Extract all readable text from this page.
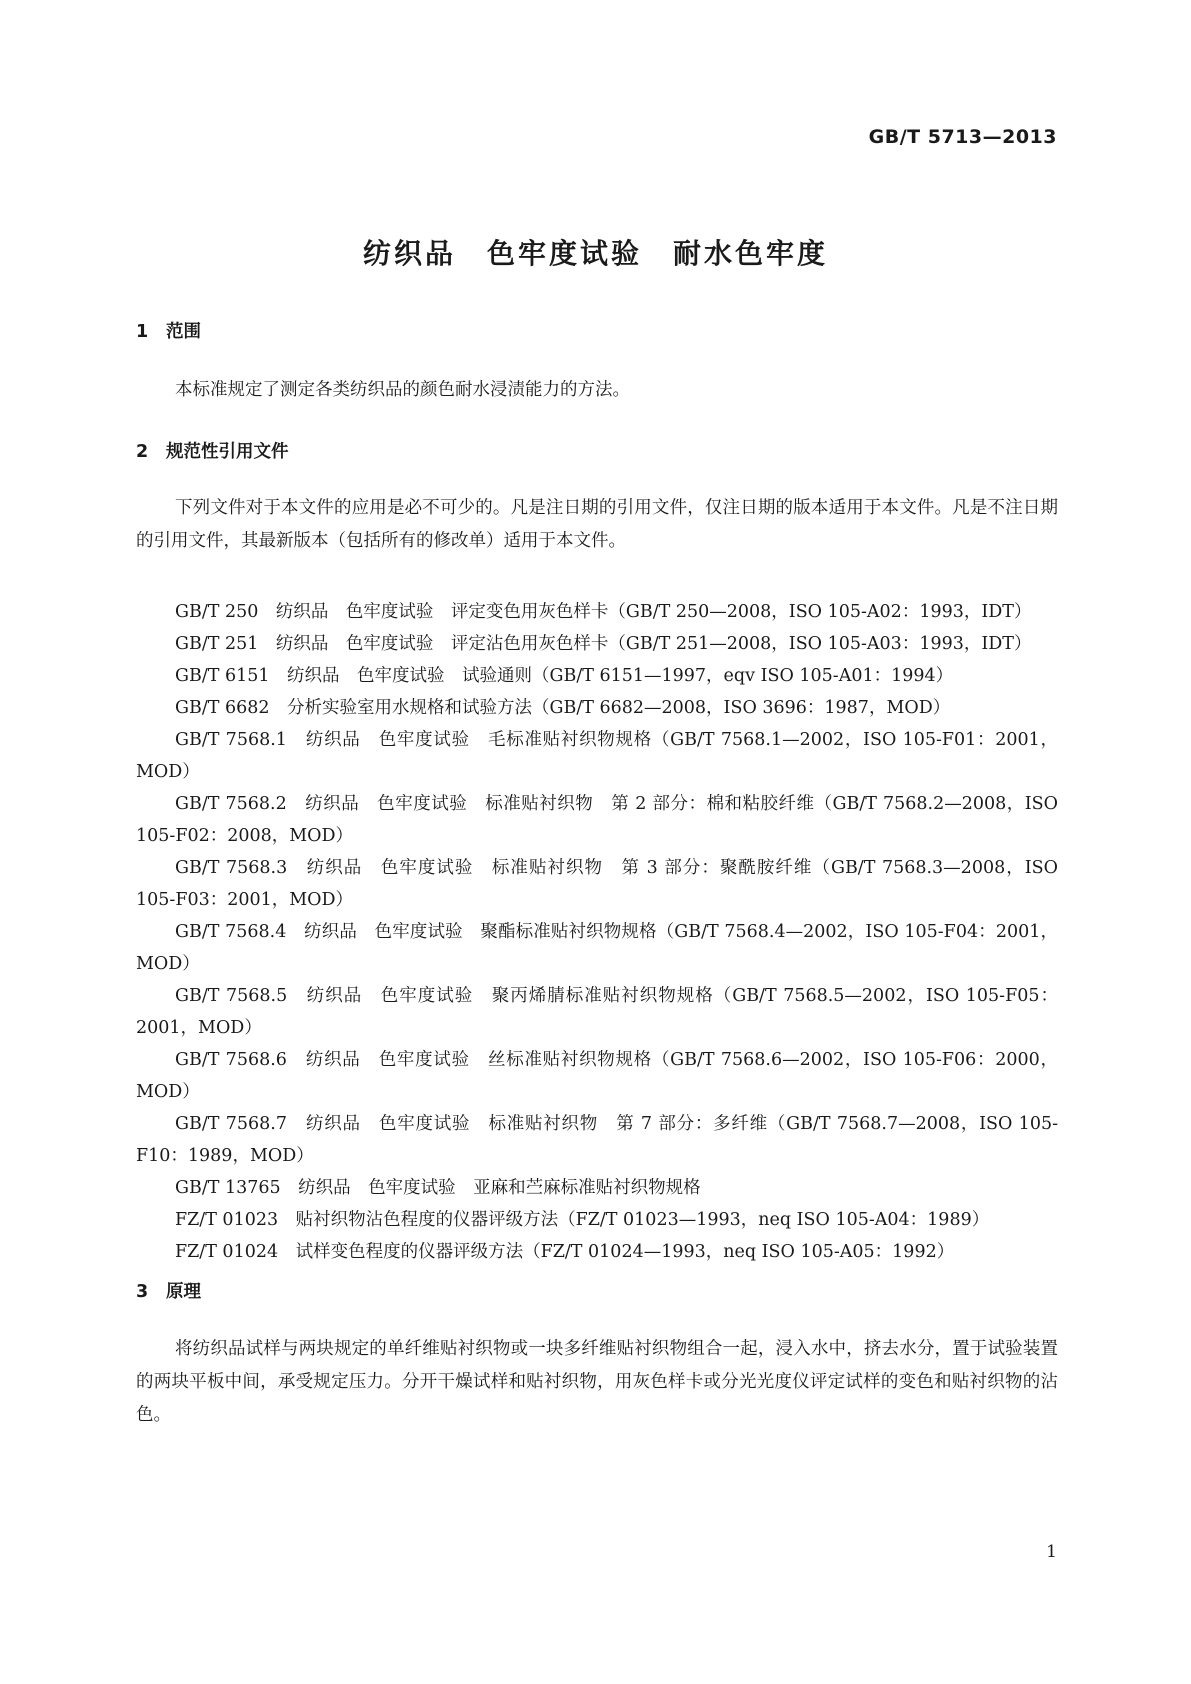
GB/T 5713—2013
纺织品　色牢度试验　耐水色牢度
1 范围
本标准规定了测定各类纺织品的颜色耐水浸渍能力的方法。
2 规范性引用文件
下列文件对于本文件的应用是必不可少的。凡是注日期的引用文件，仅注日期的版本适用于本文件。凡是不注日期的引用文件，其最新版本（包括所有的修改单）适用于本文件。
GB/T 250　 纺织品　色牢度试验　评定变色用灰色样卡（GB/T 250—2008，ISO 105-A02：1993，IDT）
GB/T 251　 纺织品　色牢度试验　评定沾色用灰色样卡（GB/T 251—2008，ISO 105-A03：1993，IDT）
GB/T 6151　 纺织品　色牢度试验　试验通则（GB/T 6151—1997，eqv ISO 105-A01：1994）
GB/T 6682　 分析实验室用水规格和试验方法（GB/T 6682—2008，ISO 3696：1987，MOD）
GB/T 7568.1　 纺织品　色牢度试验　毛标准贴衬织物规格（GB/T 7568.1—2002，ISO 105-F01：2001，MOD）
GB/T 7568.2　 纺织品　色牢度试验　标准贴衬织物　第 2 部分：棉和粘胶纤维（GB/T 7568.2—2008，ISO 105-F02：2008，MOD）
GB/T 7568.3　 纺织品　色牢度试验　标准贴衬织物　第 3 部分：聚酰胺纤维（GB/T 7568.3—2008，ISO 105-F03：2001，MOD）
GB/T 7568.4　 纺织品　色牢度试验　聚酯标准贴衬织物规格（GB/T 7568.4—2002，ISO 105-F04：2001，MOD）
GB/T 7568.5　 纺织品　色牢度试验　聚丙烯腈标准贴衬织物规格（GB/T 7568.5—2002，ISO 105-F05：2001，MOD）
GB/T 7568.6　 纺织品　色牢度试验　丝标准贴衬织物规格（GB/T 7568.6—2002，ISO 105-F06：2000，MOD）
GB/T 7568.7　 纺织品　色牢度试验　标准贴衬织物　第 7 部分：多纤维（GB/T 7568.7—2008，ISO 105-F10：1989，MOD）
GB/T 13765　 纺织品　色牢度试验　亚麻和苎麻标准贴衬织物规格
FZ/T 01023　 贴衬织物沾色程度的仪器评级方法（FZ/T 01023—1993，neq ISO 105-A04：1989）
FZ/T 01024　 试样变色程度的仪器评级方法（FZ/T 01024—1993，neq ISO 105-A05：1992）
3 原理
将纺织品试样与两块规定的单纤维贴衬织物或一块多纤维贴衬织物组合一起，浸入水中，挤去水分，置于试验装置的两块平板中间，承受规定压力。分开干燥试样和贴衬织物，用灰色样卡或分光光度仪评定试样的变色和贴衬织物的沾色。
1
